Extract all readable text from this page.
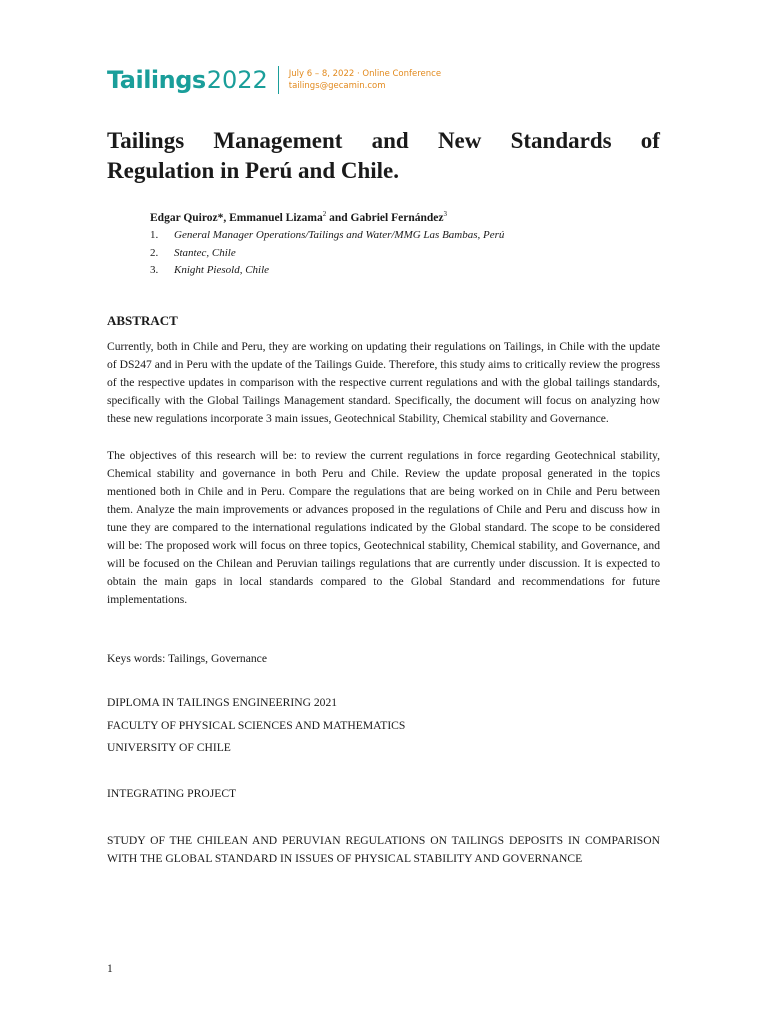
Tailings 2022 July 6 – 8, 2022 · Online Conference
tailings@gecamin.com
Tailings Management and New Standards of
Regulation in Perú and Chile.
Edgar Quiroz*, Emmanuel Lizama$^2$ and Gabriel Fernández$^3$
1.	General Manager Operations/Tailings and Water/MMG Las Bambas, Perú
2.	Stantec, Chile
3.	Knight Piesold, Chile
ABSTRACT

Currently, both in Chile and Peru, they are working on updating their regulations on Tailings, in Chile with the update of DS247 and in Peru with the update of the Tailings Guide. Therefore, this study aims to critically review the progress of the respective updates in comparison with the respective current regulations and with the global tailings standards, specifically with the Global Tailings Management standard. Specifically, the document will focus on analyzing how these new regulations incorporate 3 main issues, Geotechnical Stability, Chemical stability and Governance.

The objectives of this research will be: to review the current regulations in force regarding Geotechnical stability, Chemical stability and governance in both Peru and Chile. Review the update proposal generated in the topics mentioned both in Chile and in Peru. Compare the regulations that are being worked on in Chile and Peru between them. Analyze the main improvements or advances proposed in the regulations of Chile and Peru and discuss how in tune they are compared to the international regulations indicated by the Global standard. The scope to be considered will be: The proposed work will focus on three topics, Geotechnical stability, Chemical stability, and Governance, and will be focused on the Chilean and Peruvian tailings regulations that are currently under discussion. It is expected to obtain the main gaps in local standards compared to the Global Standard and recommendations for future implementations.

Keys words: Tailings, Governance
DIPLOMA IN TAILINGS ENGINEERING 2021
FACULTY OF PHYSICAL SCIENCES AND MATHEMATICS
UNIVERSITY OF CHILE
INTEGRATING PROJECT

STUDY OF THE CHILEAN AND PERUVIAN REGULATIONS ON TAILINGS DEPOSITS IN COMPARISON WITH THE GLOBAL STANDARD IN ISSUES OF PHYSICAL STABILITY AND GOVERNANCE

1
